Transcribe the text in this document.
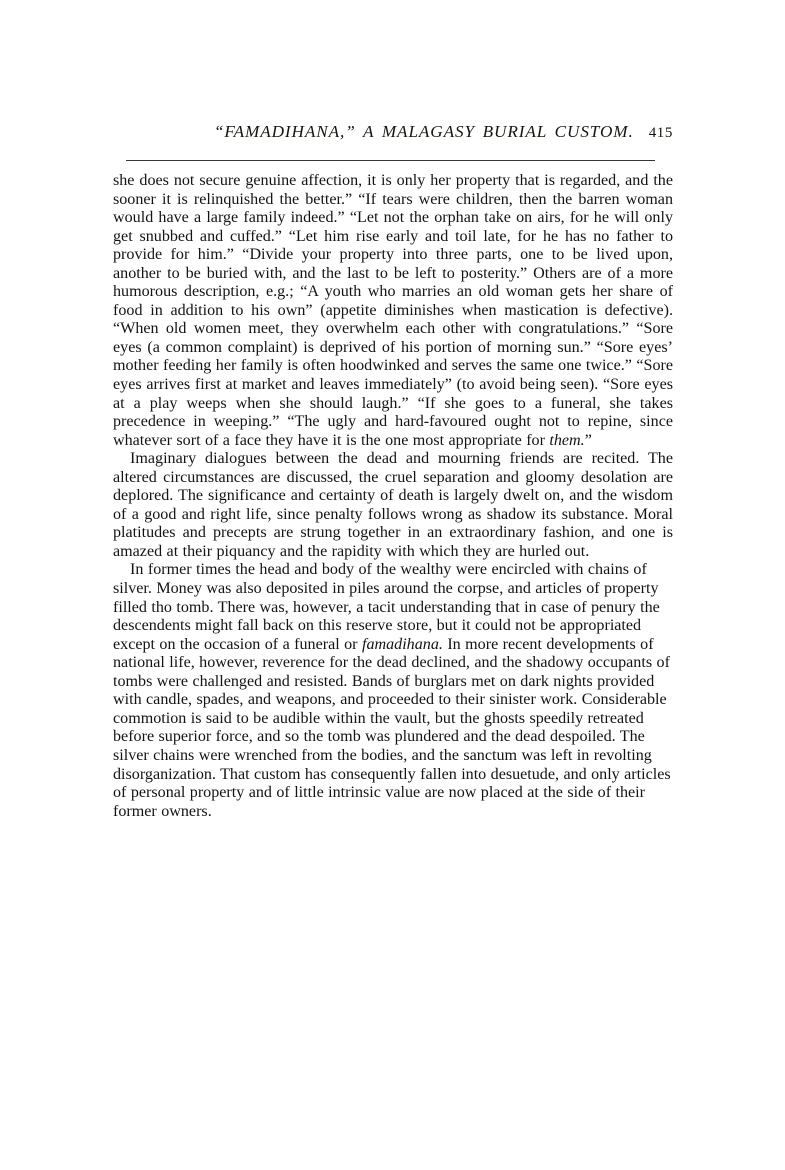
“FAMADIHANA,” A MALAGASY BURIAL CUSTOM. 415

she does not secure genuine affection, it is only her property that is regarded, and the sooner it is relinquished the better.” “If tears were children, then the barren woman would have a large family indeed.” “Let not the orphan take on airs, for he will only get snubbed and cuffed.” “Let him rise early and toil late, for he has no father to provide for him.” “Divide your property into three parts, one to be lived upon, another to be buried with, and the last to be left to posterity.” Others are of a more humorous description, e.g.; “A youth who marries an old woman gets her share of food in addition to his own” (appetite diminishes when mastication is defective). “When old women meet, they overwhelm each other with congratulations.” “Sore eyes (a common complaint) is deprived of his portion of morning sun.” “Sore eyes’ mother feeding her family is often hoodwinked and serves the same one twice.” “Sore eyes arrives first at market and leaves immediately” (to avoid being seen). “Sore eyes at a play weeps when she should laugh.” “If she goes to a funeral, she takes precedence in weeping.” “The ugly and hard-favoured ought not to repine, since whatever sort of a face they have it is the one most appropriate for them.”

Imaginary dialogues between the dead and mourning friends are recited. The altered circumstances are discussed, the cruel separation and gloomy desolation are deplored. The significance and certainty of death is largely dwelt on, and the wisdom of a good and right life, since penalty follows wrong as shadow its substance. Moral platitudes and precepts are strung together in an extraordinary fashion, and one is amazed at their piquancy and the rapidity with which they are hurled out.

In former times the head and body of the wealthy were encircled with chains of silver. Money was also deposited in piles around the corpse, and articles of property filled tho tomb. There was, however, a tacit understanding that in case of penury the descendents might fall back on this reserve store, but it could not be appropriated except on the occasion of a funeral or famadihana. In more recent developments of national life, however, reverence for the dead declined, and the shadowy occupants of tombs were challenged and resisted. Bands of burglars met on dark nights provided with candle, spades, and weapons, and proceeded to their sinister work. Considerable commotion is said to be audible within the vault, but the ghosts speedily retreated before superior force, and so the tomb was plundered and the dead despoiled. The silver chains were wrenched from the bodies, and the sanctum was left in revolting disorganization. That custom has consequently fallen into desuetude, and only articles of personal property and of little intrinsic value are now placed at the side of their former owners.
